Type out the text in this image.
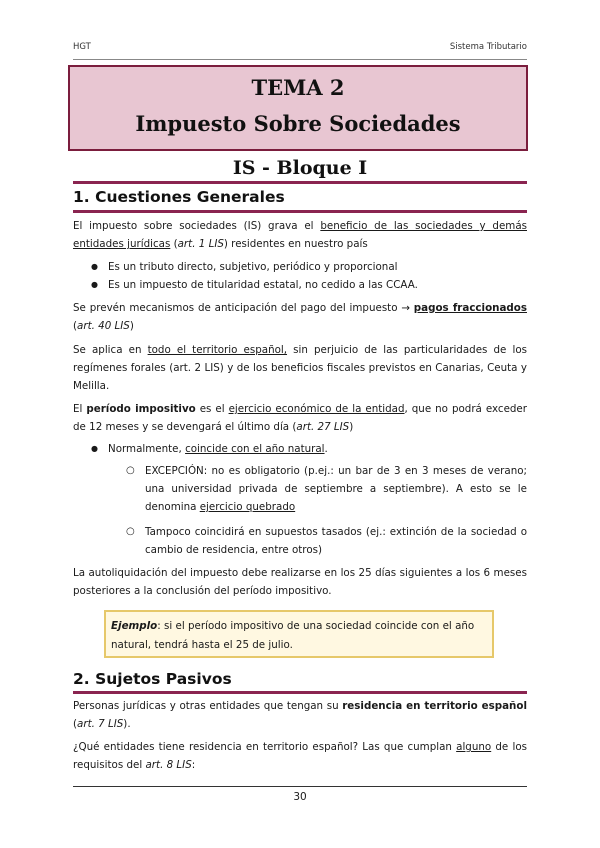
HGT	Sistema Tributario
TEMA 2
Impuesto Sobre Sociedades
IS - Bloque I
1. Cuestiones Generales
El impuesto sobre sociedades (IS) grava el beneficio de las sociedades y demás entidades jurídicas (art. 1 LIS) residentes en nuestro país
● Es un tributo directo, subjetivo, periódico y proporcional
● Es un impuesto de titularidad estatal, no cedido a las CCAA.
Se prevén mecanismos de anticipación del pago del impuesto → pagos fraccionados (art. 40 LIS)
Se aplica en todo el territorio español, sin perjuicio de las particularidades de los regímenes forales (art. 2 LIS) y de los beneficios fiscales previstos en Canarias, Ceuta y Melilla.
El período impositivo es el ejercicio económico de la entidad, que no podrá exceder de 12 meses y se devengará el último día (art. 27 LIS)
● Normalmente, coincide con el año natural.
○ EXCEPCIÓN: no es obligatorio (p.ej.: un bar de 3 en 3 meses de verano; una universidad privada de septiembre a septiembre). A esto se le denomina ejercicio quebrado
○ Tampoco coincidirá en supuestos tasados (ej.: extinción de la sociedad o cambio de residencia, entre otros)
La autoliquidación del impuesto debe realizarse en los 25 días siguientes a los 6 meses posteriores a la conclusión del período impositivo.
Ejemplo: si el período impositivo de una sociedad coincide con el año natural, tendrá hasta el 25 de julio.
2. Sujetos Pasivos
Personas jurídicas y otras entidades que tengan su residencia en territorio español (art. 7 LIS).
¿Qué entidades tiene residencia en territorio español? Las que cumplan alguno de los requisitos del art. 8 LIS:
30
